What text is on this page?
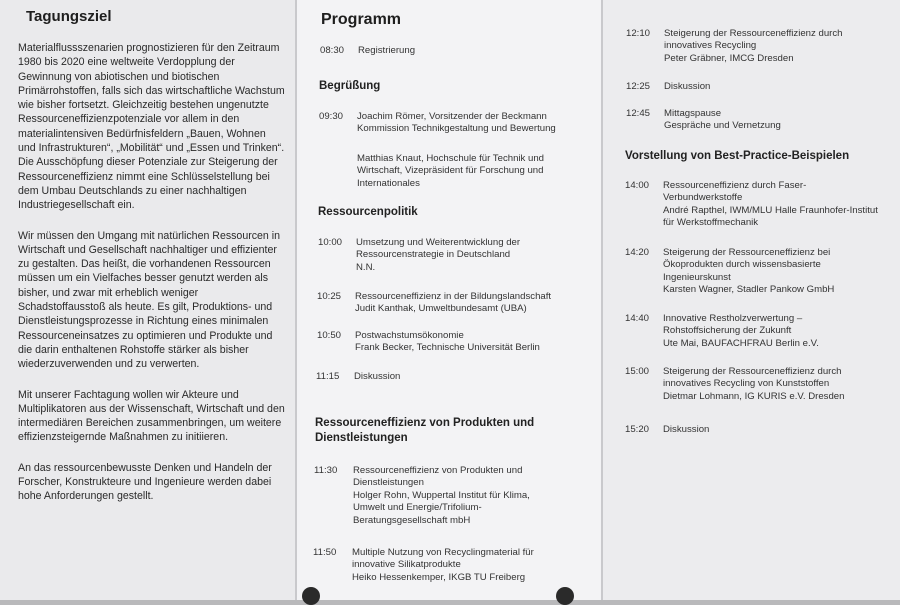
Tagungsziel

Materialflussszenarien prognostizieren für den Zeitraum 1980 bis 2020 eine weltweite Verdopplung der Gewinnung von abiotischen und biotischen Primärrohstoffen, falls sich das wirtschaftliche Wachstum wie bisher fortsetzt. Gleichzeitig bestehen ungenutzte Ressourceneffizienzpotenziale vor allem in den materialintensiven Bedürfnisfeldern „Bauen, Wohnen und Infrastrukturen“, „Mobilität“ und „Essen und Trinken“. Die Ausschöpfung dieser Potenziale zur Steigerung der Ressourceneffizienz nimmt eine Schlüsselstellung bei dem Umbau Deutschlands zu einer nachhaltigen Industriegesellschaft ein.

Wir müssen den Umgang mit natürlichen Ressourcen in Wirtschaft und Gesellschaft nachhaltiger und effizienter zu gestalten. Das heißt, die vorhandenen Ressourcen müssen um ein Vielfaches besser genutzt werden als bisher, und zwar mit erheblich weniger Schadstoffausstoß als heute. Es gilt, Produktions- und Dienstleistungsprozesse in Richtung eines minimalen Ressourceneinsatzes zu optimieren und Produkte und die darin enthaltenen Rohstoffe stärker als bisher wiederzuverwenden und zu verwerten.

Mit unserer Fachtagung wollen wir Akteure und Multiplikatoren aus der Wissenschaft, Wirtschaft und den intermediären Bereichen zusammenbringen, um weitere effizienzsteigernde Maßnahmen zu initiieren.

An das ressourcenbewusste Denken und Handeln der Forscher, Konstrukteure und Ingenieure werden dabei hohe Anforderungen gestellt.

Programm
08:30 Registrierung
Begrüßung
09:30 Joachim Römer, Vorsitzender der Beckmann Kommission Technikgestaltung und Bewertung
Matthias Knaut, Hochschule für Technik und Wirtschaft, Vizepräsident für Forschung und Internationales
Ressourcenpolitik
10:00 Umsetzung und Weiterentwicklung der Ressourcenstrategie in Deutschland
N.N.
10:25 Ressourceneffizienz in der Bildungslandschaft
Judit Kanthak, Umweltbundesamt (UBA)
10:50 Postwachstumsökonomie
Frank Becker, Technische Universität Berlin
11:15 Diskussion
Ressourceneffizienz von Produkten und Dienstleistungen
11:30 Ressourceneffizienz von Produkten und Dienstleistungen
Holger Rohn, Wuppertal Institut für Klima, Umwelt und Energie/Trifolium-Beratungsgesellschaft mbH
11:50 Multiple Nutzung von Recyclingmaterial für innovative Silikatprodukte
Heiko Hessenkemper, IKGB TU Freiberg
12:10 Steigerung der Ressourceneffizienz durch innovatives Recycling
Peter Gräbner, IMCG Dresden
12:25 Diskussion
12:45 Mittagspause
Gespräche und Vernetzung
Vorstellung von Best-Practice-Beispielen
14:00 Ressourceneffizienz durch Faser-Verbundwerkstoffe
André Rapthel, IWM/MLU Halle Fraunhofer-Institut für Werkstoffmechanik
14:20 Steigerung der Ressourceneffizienz bei Ökoprodukten durch wissensbasierte Ingenieurskunst
Karsten Wagner, Stadler Pankow GmbH
14:40 Innovative Restholzverwertung –
Rohstoffsicherung der Zukunft
Ute Mai, BAUFACHFRAU Berlin e.V.
15:00 Steigerung der Ressourceneffizienz durch innovatives Recycling von Kunststoffen
Dietmar Lohmann, IG KURIS e.V. Dresden
15:20 Diskussion
